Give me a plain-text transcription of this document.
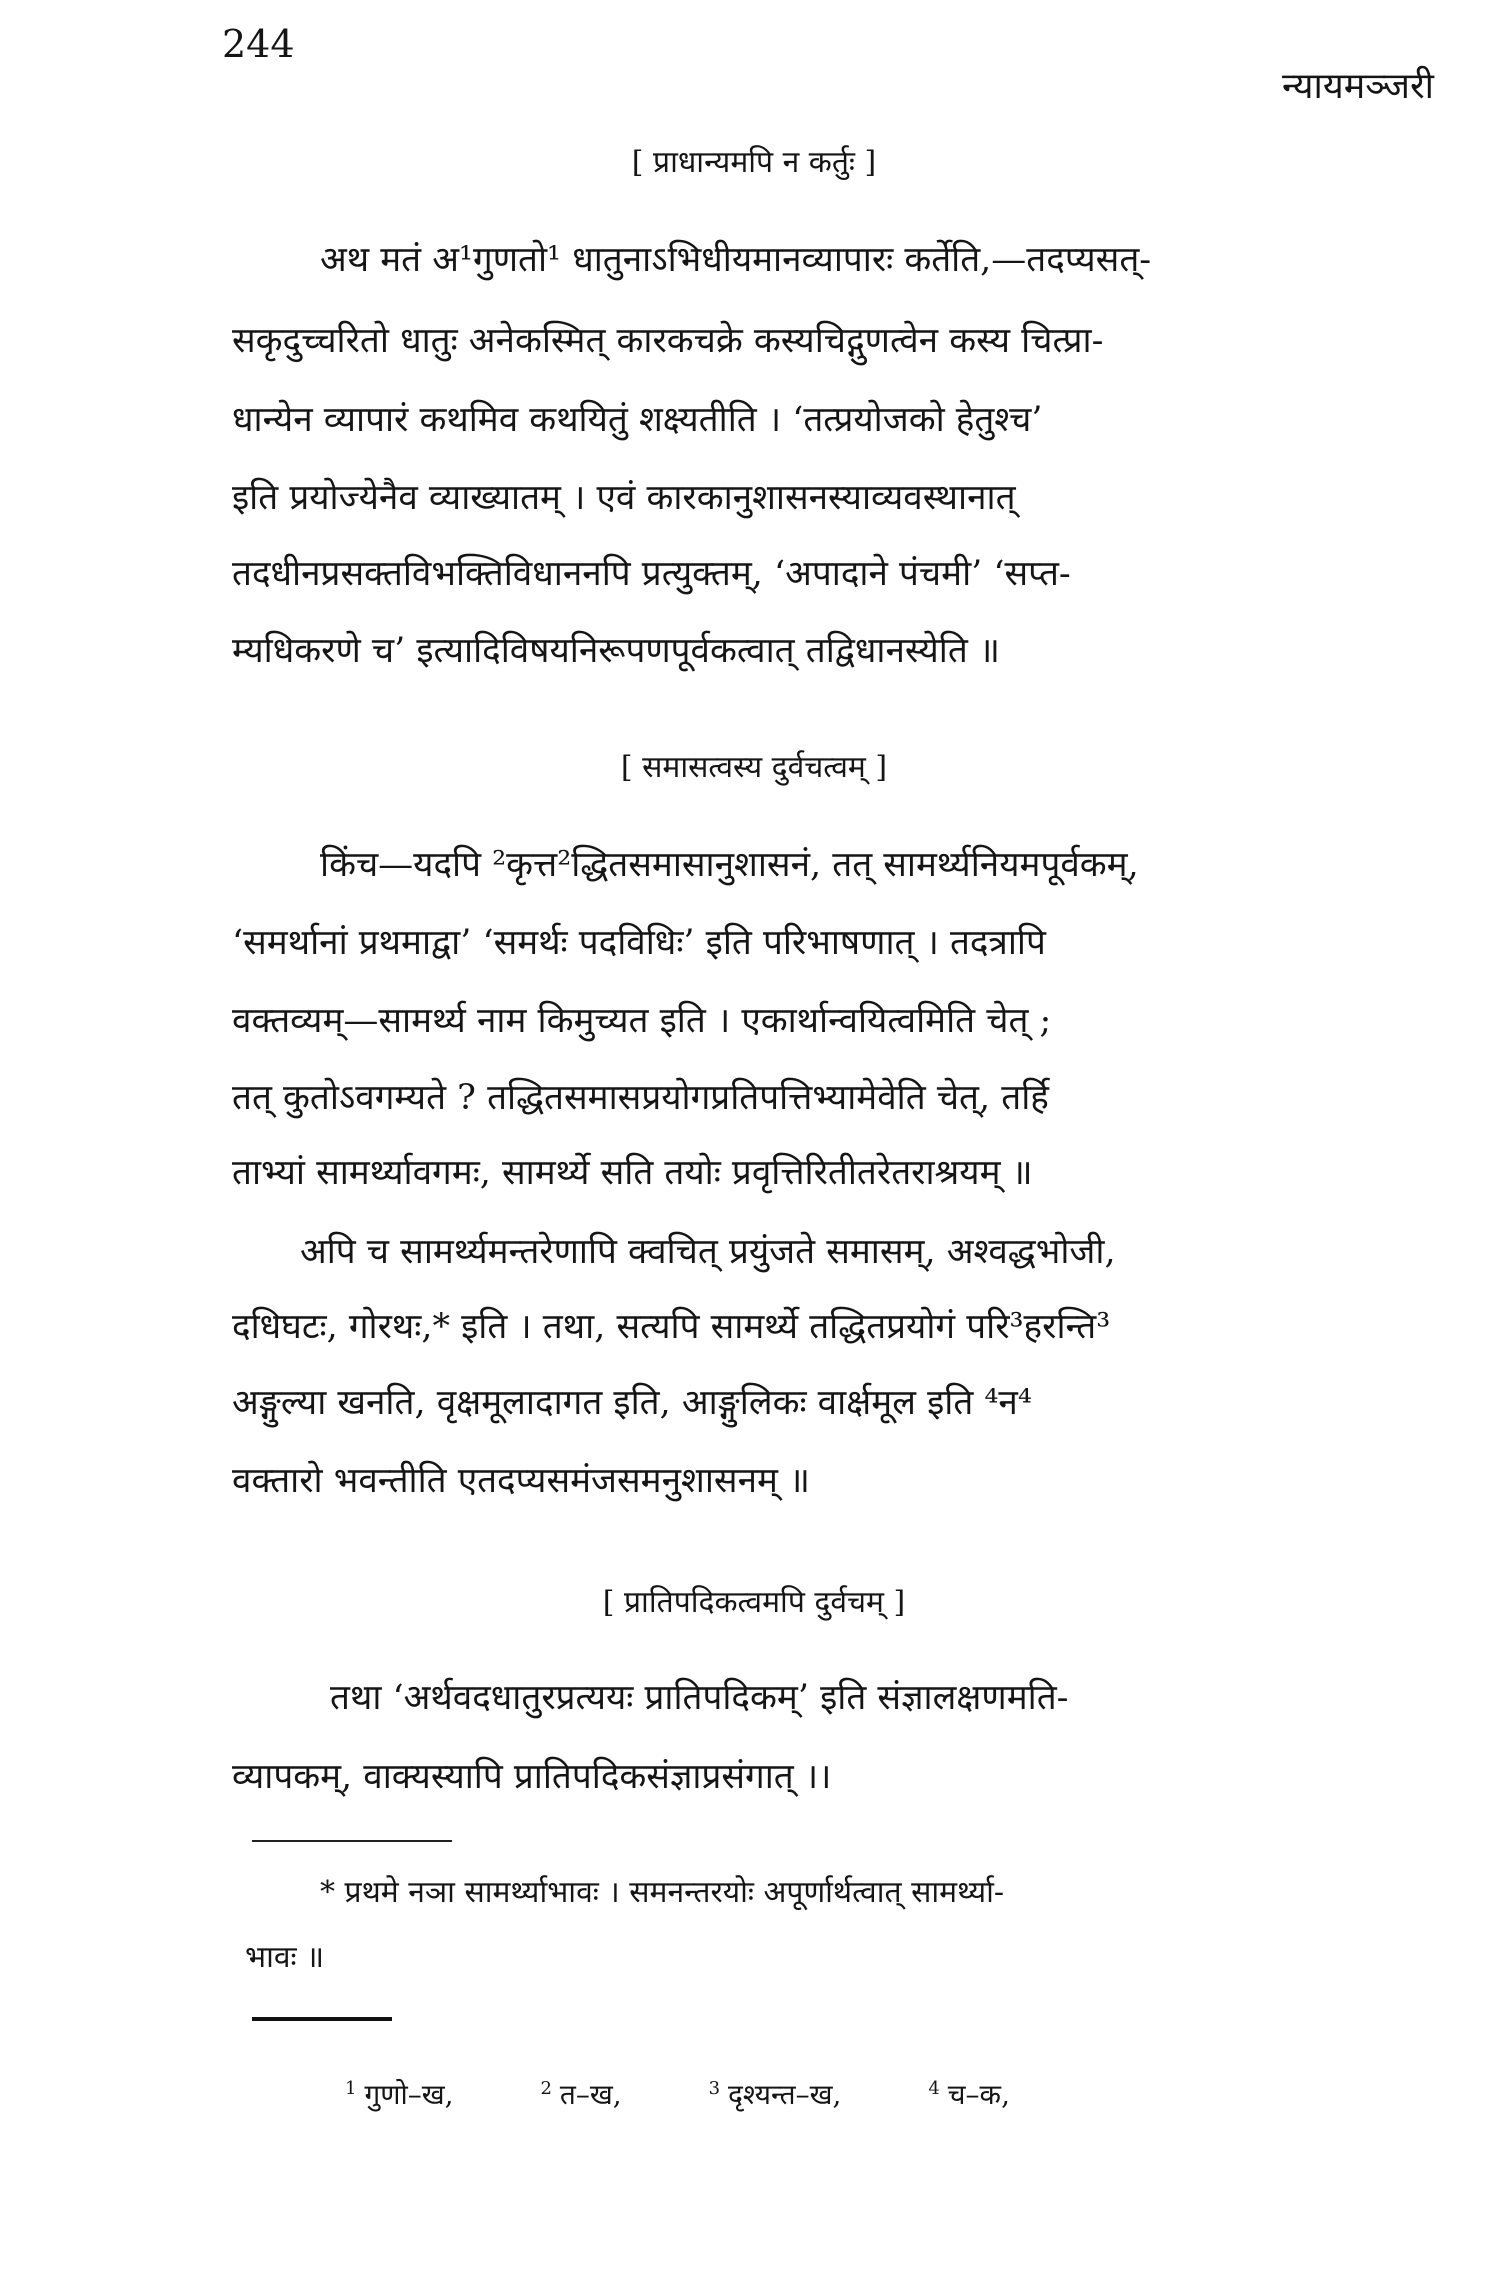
244
न्यायमञ्जरी
[ प्राधान्यमपि न कर्तुः ]
अथ मतं अ¹गुणतो¹ धातुनाऽभिधीयमानव्यापारः कर्तेति,—तदप्यसत्-
सकृदुच्चरितो धातुः अनेकस्मित् कारकचक्रे कस्यचिद्गुणत्वेन कस्य चित्प्रा-
धान्येन व्यापारं कथमिव कथयितुं शक्ष्यतीति । ‘तत्प्रयोजको हेतुश्च’
इति प्रयोज्येनैव व्याख्यातम् । एवं कारकानुशासनस्याव्यवस्थानात्
तदधीनप्रसक्तविभक्तिविधाननपि प्रत्युक्तम्, ‘अपादाने पंचमी’ ‘सप्त-
म्यधिकरणे च’ इत्यादिविषयनिरूपणपूर्वकत्वात् तद्विधानस्येति ॥
[ समासत्वस्य दुर्वचत्वम् ]
किंच—यदपि ²कृत्त²द्धितसमासानुशासनं, तत् सामर्थ्यनियमपूर्वकम्,
‘समर्थानां प्रथमाद्वा’ ‘समर्थः पदविधिः’ इति परिभाषणात् । तदत्रापि
वक्तव्यम्—सामर्थ्य नाम किमुच्यत इति । एकार्थान्वयित्वमिति चेत् ;
तत् कुतोऽवगम्यते ? तद्धितसमासप्रयोगप्रतिपत्तिभ्यामेवेति चेत्, तर्हि
ताभ्यां सामर्थ्यावगमः, सामर्थ्ये सति तयोः प्रवृत्तिरितीतरेतराश्रयम् ॥
अपि च सामर्थ्यमन्तरेणापि क्वचित् प्रयुंजते समासम्, अश्वद्धभोजी,
दधिघटः, गोरथः,* इति । तथा, सत्यपि सामर्थ्ये तद्धितप्रयोगं परि³हरन्ति³
अङ्गुल्या खनति, वृक्षमूलादागत इति, आङ्गुलिकः वार्क्षमूल इति ⁴न⁴
वक्तारो भवन्तीति एतदप्यसमंजसमनुशासनम् ॥
[ प्रातिपदिकत्वमपि दुर्वचम् ]
तथा ‘अर्थवदधातुरप्रत्ययः प्रातिपदिकम्’ इति संज्ञालक्षणमति-
व्यापकम्, वाक्यस्यापि प्रातिपदिकसंज्ञाप्रसंगात् ।।
* प्रथमे नञा सामर्थ्याभावः । समनन्तरयोः अपूर्णार्थत्वात् सामर्थ्या-
भावः ॥
$^1$ गुणो–ख,	$^2$ त–ख,	$^3$ दृश्यन्त–ख,	$^4$ च–क,
